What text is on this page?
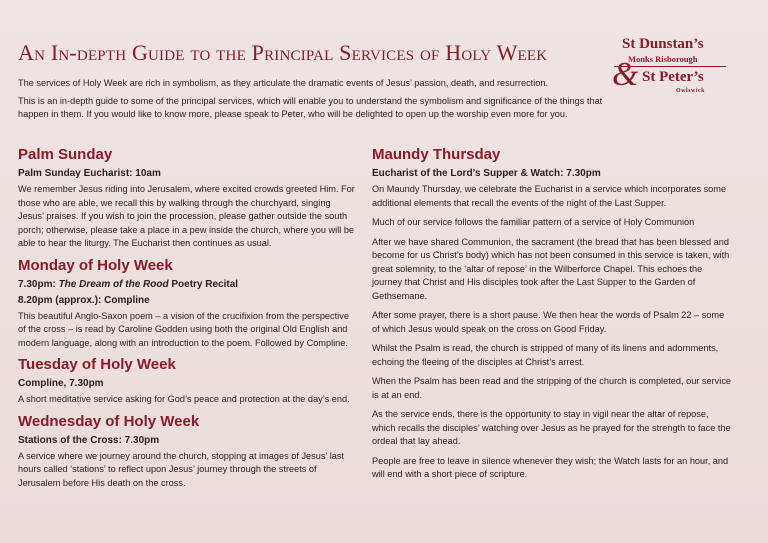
An In-depth Guide to the Principal Services of Holy Week	St Dunstan’s
Monks Risborough
& St Peter’s
Owlswick

The services of Holy Week are rich in symbolism, as they articulate the dramatic events of Jesus’ passion, death, and resurrection.

This is an in-depth guide to some of the principal services, which will enable you to understand the symbolism and significance of the things that happen in them. If you would like to know more, please speak to Peter, who will be delighted to open up the worship even more for you.

Palm Sunday
Palm Sunday Eucharist: 10am

We remember Jesus riding into Jerusalem, where excited crowds greeted Him. For those who are able, we recall this by walking through the churchyard, singing Jesus’ praises. If you wish to join the procession, please gather outside the south porch; otherwise, please take a place in a pew inside the church, where you will be able to hear the liturgy. The Eucharist then continues as usual.

Monday of Holy Week
7.30pm: The Dream of the Rood Poetry Recital
8.20pm (approx.): Compline

This beautiful Anglo-Saxon poem – a vision of the crucifixion from the perspective of the cross – is read by Caroline Godden using both the original Old English and modern language, along with an introduction to the poem. Followed by Compline.

Tuesday of Holy Week
Compline, 7.30pm

A short meditative service asking for God’s peace and protection at the day’s end.

Wednesday of Holy Week
Stations of the Cross: 7.30pm

A service where we journey around the church, stopping at images of Jesus’ last hours called ‘stations’ to reflect upon Jesus’ journey through the streets of Jerusalem before His death on the cross.

Maundy Thursday
Eucharist of the Lord’s Supper & Watch: 7.30pm

On Maundy Thursday, we celebrate the Eucharist in a service which incorporates some additional elements that recall the events of the night of the Last Supper.

Much of our service follows the familiar pattern of a service of Holy Communion

After we have shared Communion, the sacrament (the bread that has been blessed and become for us Christ’s body) which has not been consumed in this service is taken, with great solemnity, to the ‘altar of repose’ in the Wilberforce Chapel. This echoes the journey that Christ and His disciples took after the Last Supper to the Garden of Gethsemane.

After some prayer, there is a short pause. We then hear the words of Psalm 22 – some of which Jesus would speak on the cross on Good Friday.

Whilst the Psalm is read, the church is stripped of many of its linens and adornments, echoing the fleeing of the disciples at Christ’s arrest.

When the Psalm has been read and the stripping of the church is completed, our service is at an end.

As the service ends, there is the opportunity to stay in vigil near the altar of repose, which recalls the disciples’ watching over Jesus as he prayed for the strength to face the ordeal that lay ahead.

People are free to leave in silence whenever they wish; the Watch lasts for an hour, and will end with a short piece of scripture.
